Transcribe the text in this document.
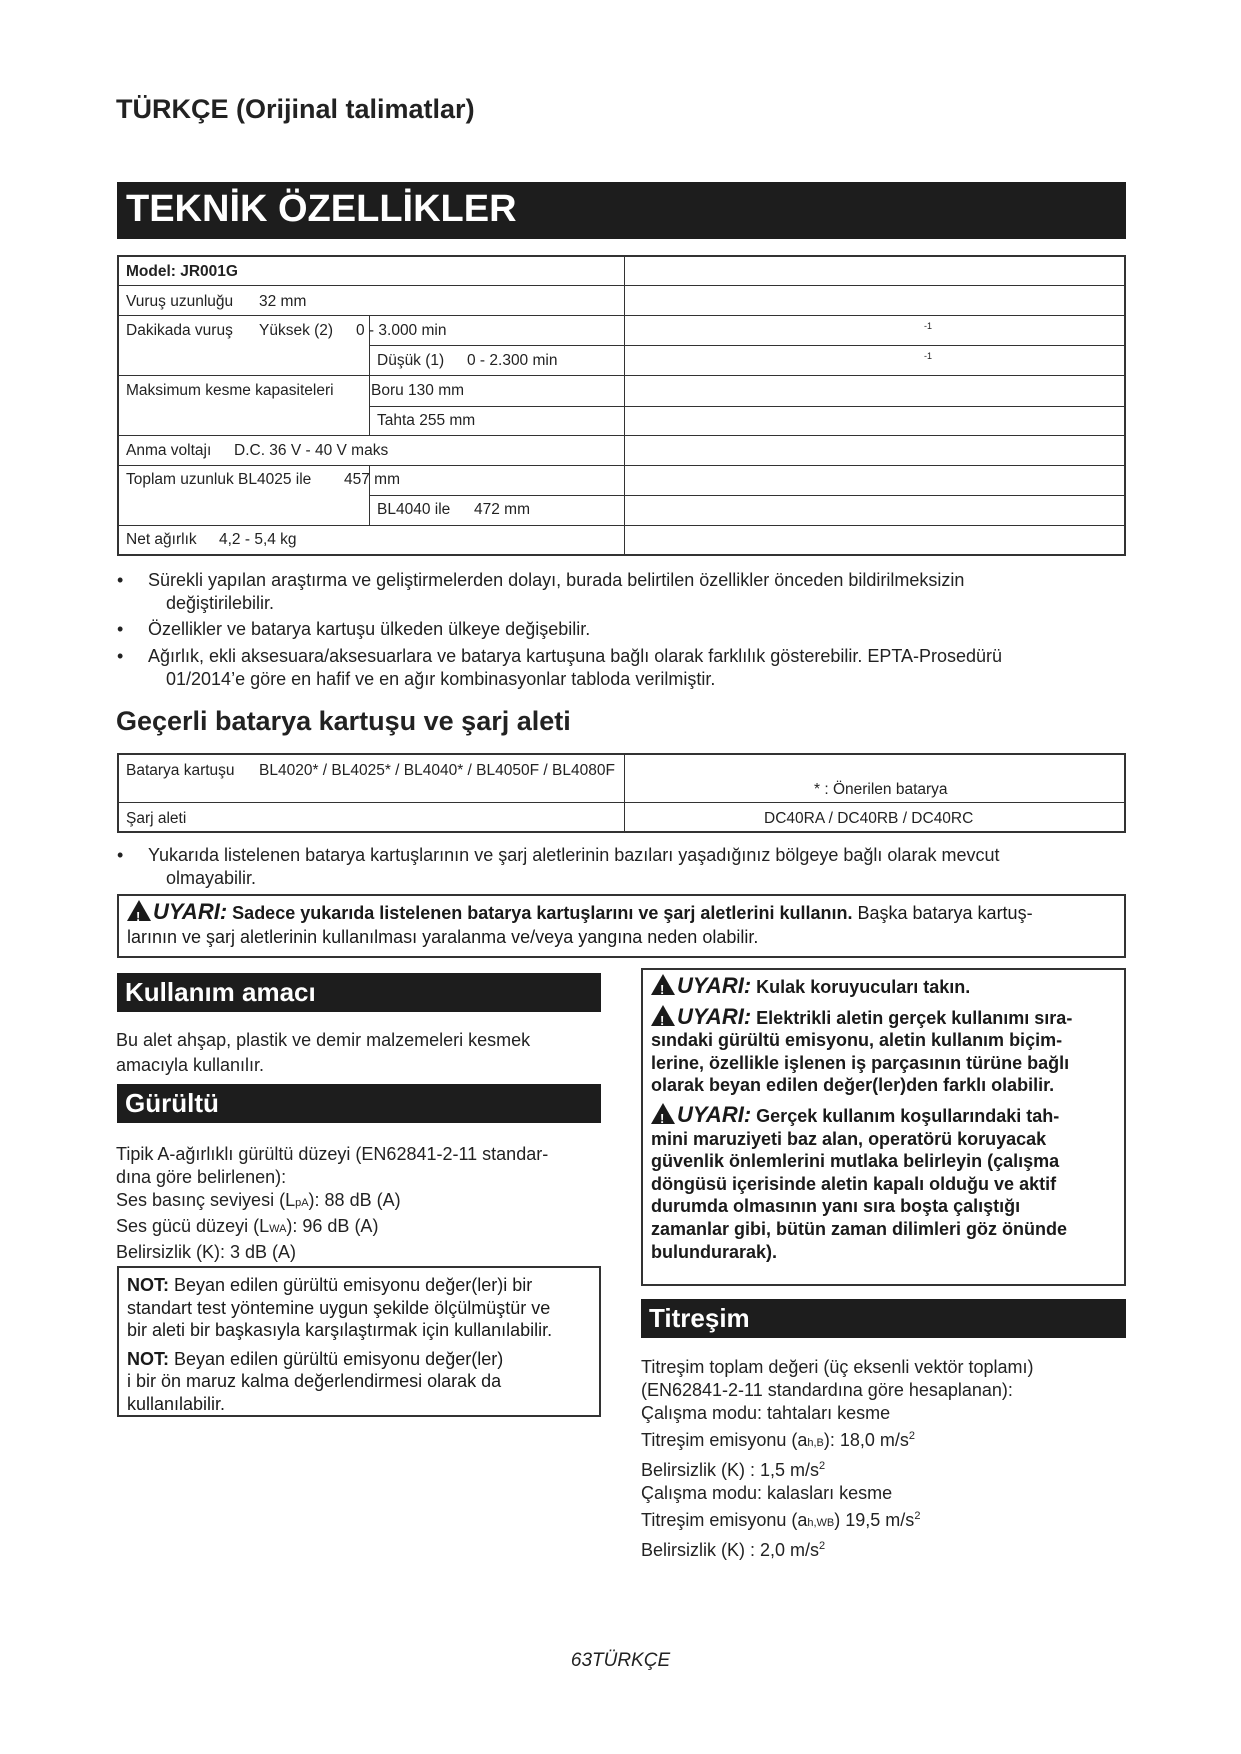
TÜRKÇE (Orijinal talimatlar)
TEKNİK ÖZELLİKLER
Model: JR001G
Vuruş uzunluğu 32 mm
Dakikada vuruş Yüksek (2) 0 - 3.000 min	-1
Düşük (1) 0 - 2.300 min	-1
Maksimum kesme kapasiteleri Boru 130 mm
Tahta 255 mm
Anma voltajı D.C. 36 V - 40 V maks
Toplam uzunluk BL4025 ile 457 mm
BL4040 ile 472 mm
Net ağırlık 4,2 - 5,4 kg
• Sürekli yapılan araştırma ve geliştirmelerden dolayı, burada belirtilen özellikler önceden bildirilmeksizin
değiştirilebilir.
• Özellikler ve batarya kartuşu ülkeden ülkeye değişebilir.
• Ağırlık, ekli aksesuara/aksesuarlara ve batarya kartuşuna bağlı olarak farklılık gösterebilir. EPTA-Prosedürü
01/2014’e göre en hafif ve en ağır kombinasyonlar tabloda verilmiştir.
Geçerli batarya kartuşu ve şarj aleti
Batarya kartuşu BL4020* / BL4025* / BL4040* / BL4050F / BL4080F
* : Önerilen batarya
Şarj aleti	DC40RA / DC40RB / DC40RC
• Yukarıda listelenen batarya kartuşlarının ve şarj aletlerinin bazıları yaşadığınız bölgeye bağlı olarak mevcut
olmayabilir.
!UYARI: Sadece yukarıda listelenen batarya kartuşlarını ve şarj aletlerini kullanın. Başka batarya kartuş-
larının ve şarj aletlerinin kullanılması yaralanma ve/veya yangına neden olabilir.
Kullanım amacı
Bu alet ahşap, plastik ve demir malzemeleri kesmek
amacıyla kullanılır.
Gürültü
Tipik A-ağırlıklı gürültü düzeyi (EN62841-2-11 standar-
dına göre belirlenen):
Ses basınç seviyesi (LpA): 88 dB (A)
Ses gücü düzeyi (LWA): 96 dB (A)
Belirsizlik (K): 3 dB (A)
NOT: Beyan edilen gürültü emisyonu değer(ler)i bir
standart test yöntemine uygun şekilde ölçülmüştür ve
bir aleti bir başkasıyla karşılaştırmak için kullanılabilir.
NOT: Beyan edilen gürültü emisyonu değer(ler)
i bir ön maruz kalma değerlendirmesi olarak da
kullanılabilir.

!UYARI: Kulak koruyucuları takın.

!UYARI: Elektrikli aletin gerçek kullanımı sıra-
sındaki gürültü emisyonu, aletin kullanım biçim-
lerine, özellikle işlenen iş parçasının türüne bağlı
olarak beyan edilen değer(ler)den farklı olabilir.

!UYARI: Gerçek kullanım koşullarındaki tah-
mini maruziyeti baz alan, operatörü koruyacak
güvenlik önlemlerini mutlaka belirleyin (çalışma
döngüsü içerisinde aletin kapalı olduğu ve aktif
durumda olmasının yanı sıra boşta çalıştığı
zamanlar gibi, bütün zaman dilimleri göz önünde
bulundurarak).

Titreşim
Titreşim toplam değeri (üç eksenli vektör toplamı)
(EN62841-2-11 standardına göre hesaplanan):
Çalışma modu: tahtaları kesme
Titreşim emisyonu (ah,B): 18,0 $m/s^2$
Belirsizlik (K) : 1,5 $m/s^2$
Çalışma modu: kalasları kesme
Titreşim emisyonu (ah,WB) 19,5 $m/s^2$
Belirsizlik (K) : 2,0 $m/s^2$
63TÜRKÇE
